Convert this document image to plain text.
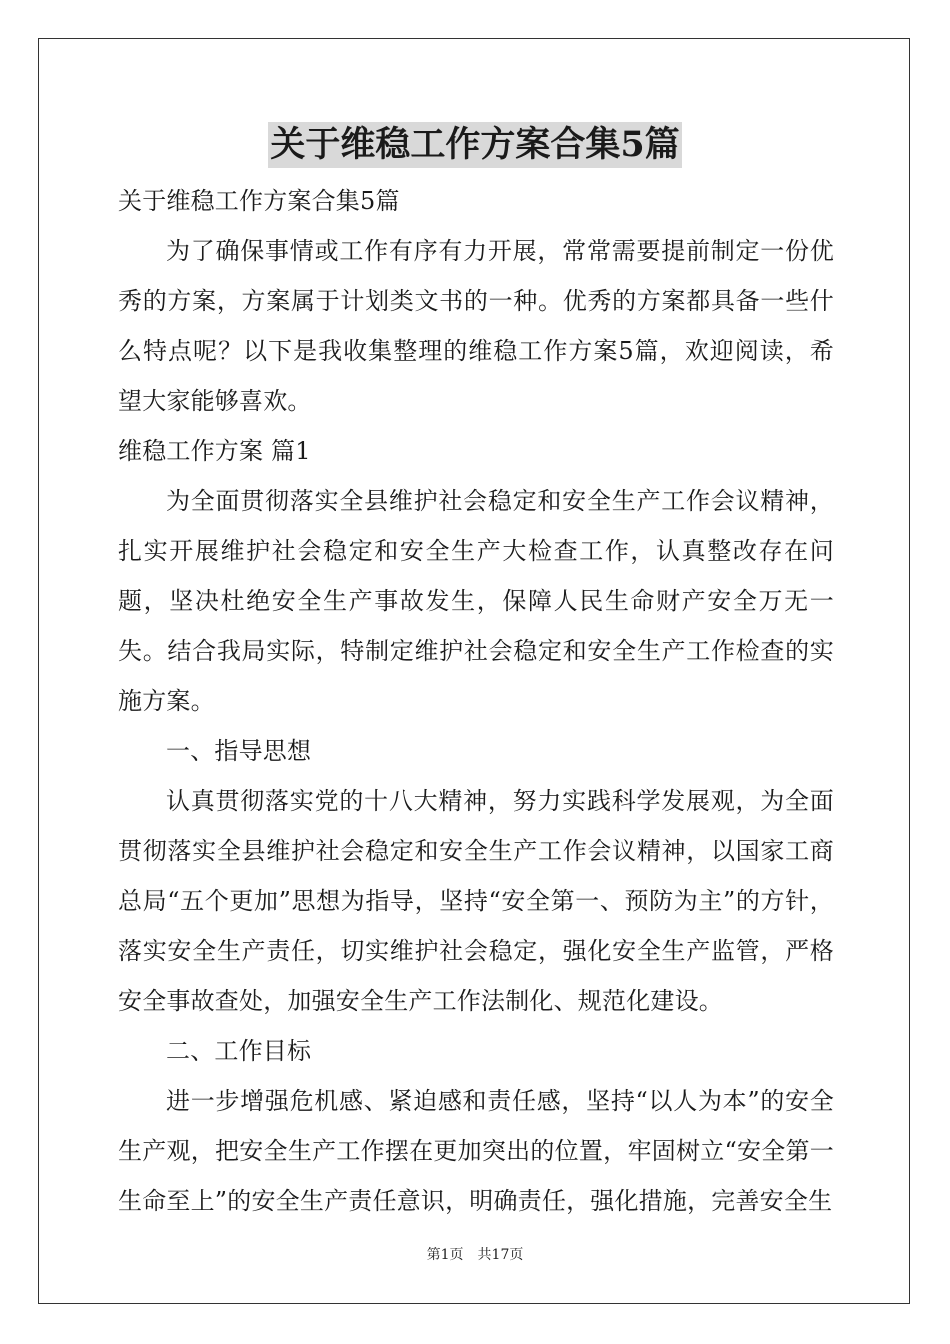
关于维稳工作方案合集5篇

关于维稳工作方案合集5篇

为了确保事情或工作有序有力开展，常常需要提前制定一份优秀的方案，方案属于计划类文书的一种。优秀的方案都具备一些什么特点呢？以下是我收集整理的维稳工作方案5篇，欢迎阅读，希望大家能够喜欢。

维稳工作方案 篇1

为全面贯彻落实全县维护社会稳定和安全生产工作会议精神，扎实开展维护社会稳定和安全生产大检查工作，认真整改存在问题，坚决杜绝安全生产事故发生，保障人民生命财产安全万无一失。结合我局实际，特制定维护社会稳定和安全生产工作检查的实施方案。

一、指导思想

认真贯彻落实党的十八大精神，努力实践科学发展观，为全面贯彻落实全县维护社会稳定和安全生产工作会议精神，以国家工商总局“五个更加”思想为指导，坚持“安全第一、预防为主”的方针，落实安全生产责任，切实维护社会稳定，强化安全生产监管，严格安全事故查处，加强安全生产工作法制化、规范化建设。

二、工作目标

进一步增强危机感、紧迫感和责任感，坚持“以人为本”的安全生产观，把安全生产工作摆在更加突出的位置，牢固树立“安全第一生命至上”的安全生产责任意识，明确责任，强化措施，完善安全生

第1页 共17页
